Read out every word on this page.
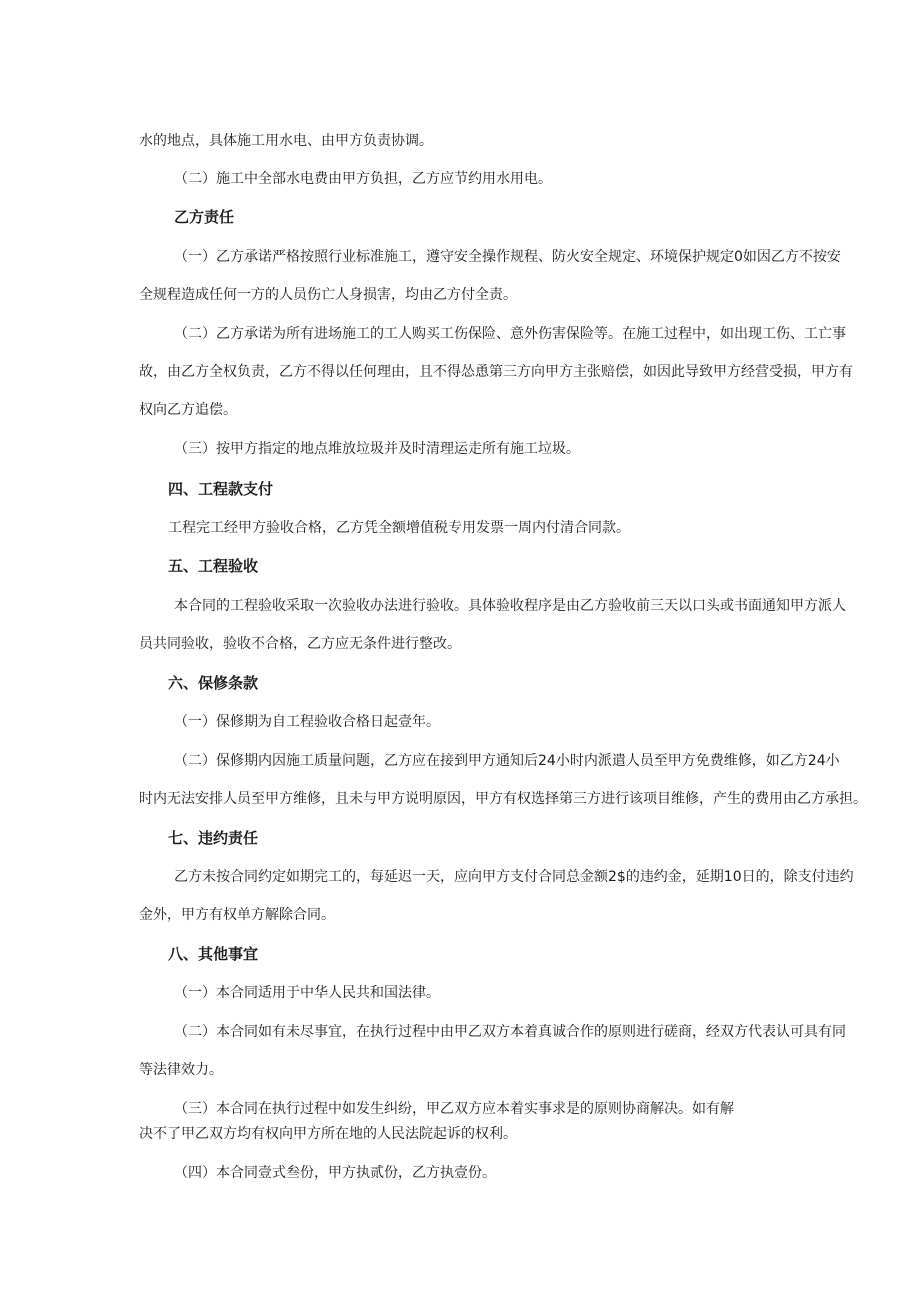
水的地点，具体施工用水电、由甲方负责协调。
（二）施工中全部水电费由甲方负担，乙方应节约用水用电。
乙方责任
（一）乙方承诺严格按照行业标准施工，遵守安全操作规程、防火安全规定、环境保护规定0如因乙方不按安
全规程造成任何一方的人员伤亡人身损害，均由乙方付全责。
（二）乙方承诺为所有进场施工的工人购买工伤保险、意外伤害保险等。在施工过程中，如出现工伤、工亡事
故，由乙方全权负责，乙方不得以任何理由，且不得怂恿第三方向甲方主张赔偿，如因此导致甲方经营受损，甲方有
权向乙方追偿。
（三）按甲方指定的地点堆放垃圾并及时清理运走所有施工垃圾。
四、工程款支付
工程完工经甲方验收合格，乙方凭全额增值税专用发票一周内付清合同款。
五、工程验收
本合同的工程验收采取一次验收办法进行验收。具体验收程序是由乙方验收前三天以口头或书面通知甲方派人
员共同验收，验收不合格，乙方应无条件进行整改。
六、保修条款
（一）保修期为自工程验收合格日起壹年。
（二）保修期内因施工质量问题，乙方应在接到甲方通知后24小时内派遣人员至甲方免费维修，如乙方24小
时内无法安排人员至甲方维修，且未与甲方说明原因，甲方有权选择第三方进行该项目维修，产生的费用由乙方承担。
七、违约责任
乙方未按合同约定如期完工的，每延迟一天，应向甲方支付合同总金额2$的违约金，延期10日的，除支付违约
金外，甲方有权单方解除合同。
八、其他事宜
（一）本合同适用于中华人民共和国法律。
（二）本合同如有未尽事宜，在执行过程中由甲乙双方本着真诚合作的原则进行磋商，经双方代表认可具有同
等法律效力。
（三）本合同在执行过程中如发生纠纷，甲乙双方应本着实事求是的原则协商解决。如有解
决不了甲乙双方均有权向甲方所在地的人民法院起诉的权利。
（四）本合同壹式叁份，甲方执贰份，乙方执壹份。
